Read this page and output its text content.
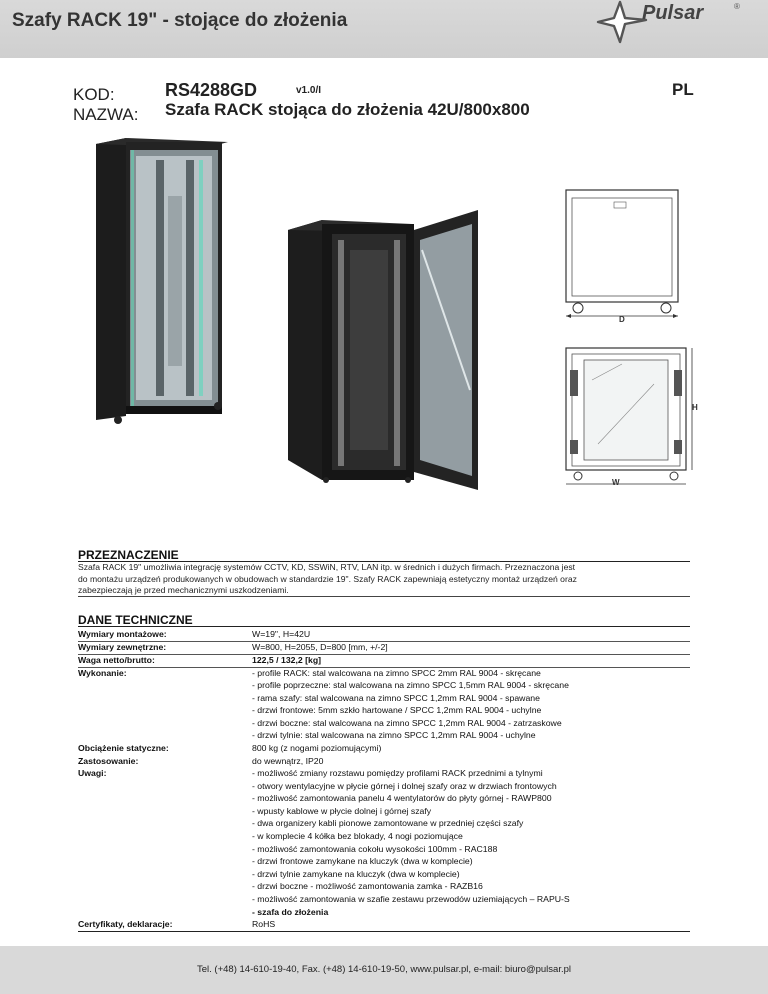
Szafy RACK 19" - stojące do złożenia	Pulsar	®
KOD:
NAZWA:
RS4288GD	v1.0/I	PL
Szafa RACK stojąca do złożenia 42U/800x800
D
H
W
PRZEZNACZENIE
Szafa RACK 19" umożliwia integrację systemów CCTV, KD, SSWiN, RTV, LAN itp. w średnich i dużych firmach. Przeznaczona jest
do montażu urządzeń produkowanych w obudowach w standardzie 19". Szafy RACK zapewniają estetyczny montaż urządzeń oraz
zabezpieczają je przed mechanicznymi uszkodzeniami.
DANE TECHNICZNE
Wymiary montażowe:	W=19", H=42U
Wymiary zewnętrzne:	W=800, H=2055, D=800 [mm, +/-2]
Waga netto/brutto:	122,5 / 132,2 [kg]
Wykonanie:	- profile RACK: stal walcowana na zimno SPCC 2mm RAL 9004 - skręcane
- profile poprzeczne: stal walcowana na zimno SPCC 1,5mm RAL 9004 - skręcane
- rama szafy: stal walcowana na zimno SPCC 1,2mm RAL 9004 - spawane
- drzwi frontowe: 5mm szkło hartowane / SPCC 1,2mm RAL 9004 - uchylne
- drzwi boczne: stal walcowana na zimno SPCC 1,2mm RAL 9004 - zatrzaskowe
- drzwi tylnie: stal walcowana na zimno SPCC 1,2mm RAL 9004 - uchylne
Obciążenie statyczne:	800 kg (z nogami poziomującymi)
Zastosowanie:	do wewnątrz, IP20
Uwagi:	- możliwość zmiany rozstawu pomiędzy profilami RACK przednimi a tylnymi
- otwory wentylacyjne w płycie górnej i dolnej szafy oraz w drzwiach frontowych
- możliwość zamontowania panelu 4 wentylatorów do płyty górnej - RAWP800
- wpusty kablowe w płycie dolnej i górnej szafy
- dwa organizery kabli pionowe zamontowane w przedniej części szafy
- w komplecie 4 kółka bez blokady, 4 nogi poziomujące
- możliwość zamontowania cokołu wysokości 100mm - RAC188
- drzwi frontowe zamykane na kluczyk (dwa w komplecie)
- drzwi tylnie zamykane na kluczyk (dwa w komplecie)
- drzwi boczne - możliwość zamontowania zamka - RAZB16
- możliwość zamontowania w szafie zestawu przewodów uziemiających – RAPU-S
- szafa do złożenia
Certyfikaty, deklaracje:	RoHS
Tel. (+48) 14-610-19-40, Fax. (+48) 14-610-19-50, www.pulsar.pl, e-mail: biuro@pulsar.pl
